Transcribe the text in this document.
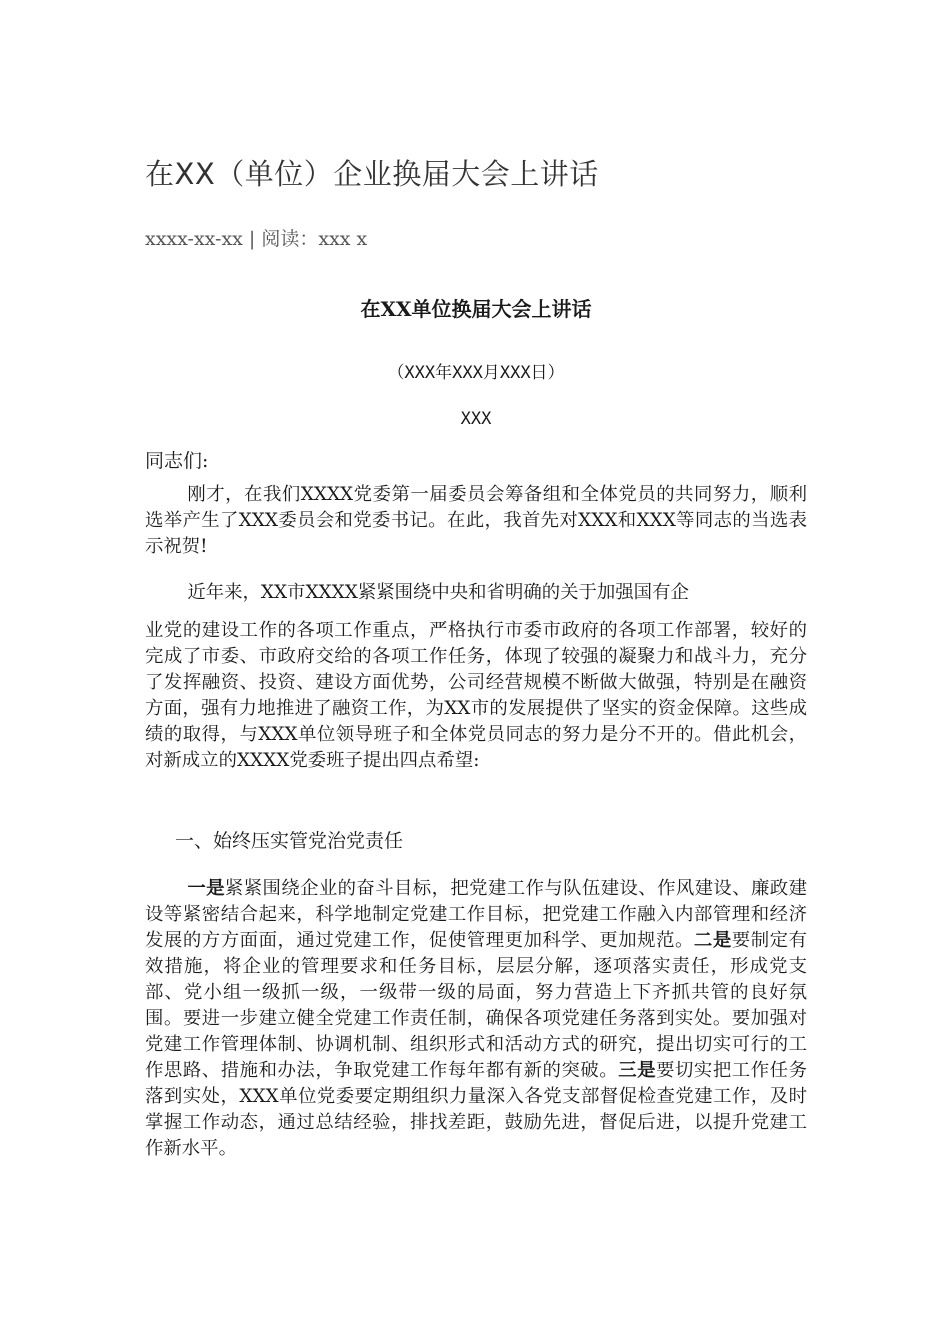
在XX（单位）企业换届大会上讲话
xxxx-xx-xx | 阅读：xxx x
在XX单位换届大会上讲话
（XXX年XXX月XXX日）
XXX
同志们:

刚才，在我们XXXX党委第一届委员会筹备组和全体党员的共同努力，顺利选举产生了XXX委员会和党委书记。在此，我首先对XXX和XXX等同志的当选表示祝贺!

近年来，XX市XXXX紧紧围绕中央和省明确的关于加强国有企

业党的建设工作的各项工作重点，严格执行市委市政府的各项工作部署，较好的完成了市委、市政府交给的各项工作任务，体现了较强的凝聚力和战斗力，充分了发挥融资、投资、建设方面优势，公司经营规模不断做大做强，特别是在融资方面，强有力地推进了融资工作，为XX市的发展提供了坚实的资金保障。这些成绩的取得，与XXX单位领导班子和全体党员同志的努力是分不开的。借此机会，对新成立的XXXX党委班子提出四点希望:

一、始终压实管党治党责任

一是紧紧围绕企业的奋斗目标，把党建工作与队伍建设、作风建设、廉政建设等紧密结合起来，科学地制定党建工作目标，把党建工作融入内部管理和经济发展的方方面面，通过党建工作，促使管理更加科学、更加规范。二是要制定有效措施，将企业的管理要求和任务目标，层层分解，逐项落实责任，形成党支部、党小组一级抓一级，一级带一级的局面，努力营造上下齐抓共管的良好氛围。要进一步建立健全党建工作责任制，确保各项党建任务落到实处。要加强对党建工作管理体制、协调机制、组织形式和活动方式的研究，提出切实可行的工作思路、措施和办法，争取党建工作每年都有新的突破。三是要切实把工作任务落到实处，XXX单位党委要定期组织力量深入各党支部督促检查党建工作，及时掌握工作动态，通过总结经验，排找差距，鼓励先进，督促后进，以提升党建工作新水平。
